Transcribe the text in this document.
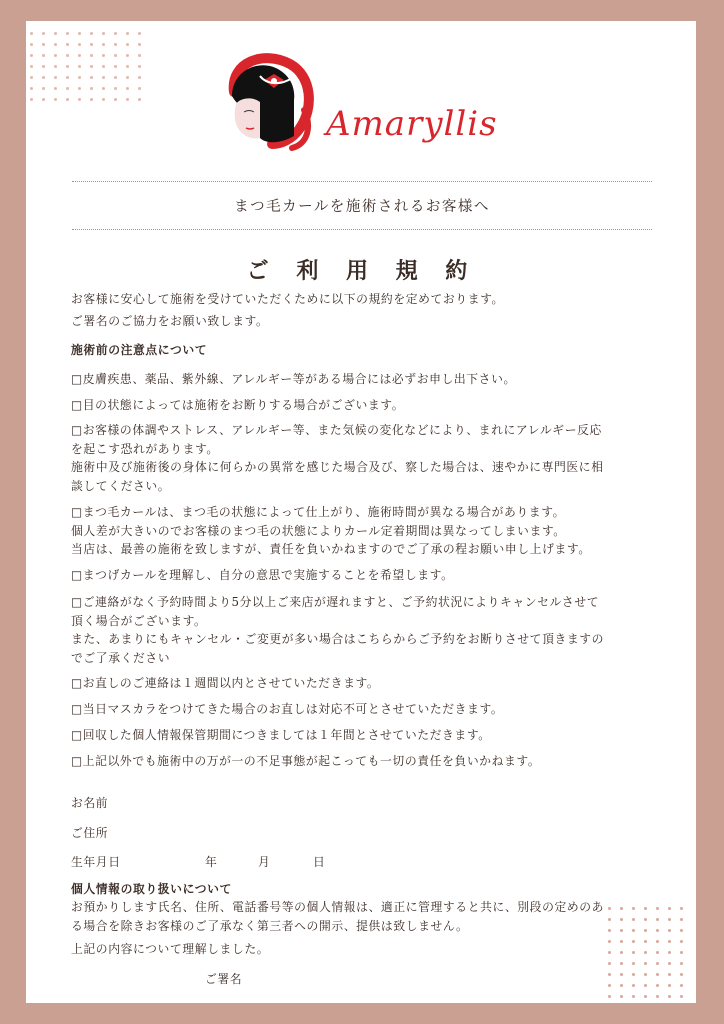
Amaryllis
まつ毛カールを施術されるお客様へ
ご 利 用 規 約
お客様に安心して施術を受けていただくために以下の規約を定めております。
ご署名のご協力をお願い致します。
施術前の注意点について
□皮膚疾患、薬品、紫外線、アレルギー等がある場合には必ずお申し出下さい。
□目の状態によっては施術をお断りする場合がございます。
□お客様の体調やストレス、アレルギー等、また気候の変化などにより、まれにアレルギー反応
を起こす恐れがあります。
施術中及び施術後の身体に何らかの異常を感じた場合及び、察した場合は、速やかに専門医に相
談してください。
□まつ毛カールは、まつ毛の状態によって仕上がり、施術時間が異なる場合があります。
個人差が大きいのでお客様のまつ毛の状態によりカール定着期間は異なってしまいます。
当店は、最善の施術を致しますが、責任を負いかねますのでご了承の程お願い申し上げます。
□まつげカールを理解し、自分の意思で実施することを希望します。
□ご連絡がなく予約時間より5分以上ご来店が遅れますと、ご予約状況によりキャンセルさせて
頂く場合がございます。
また、あまりにもキャンセル・ご変更が多い場合はこちらからご予約をお断りさせて頂きますの
でご了承ください
□お直しのご連絡は１週間以内とさせていただきます。
□当日マスカラをつけてきた場合のお直しは対応不可とさせていただきます。
□回収した個人情報保管期間につきましては１年間とさせていただきます。
□上記以外でも施術中の万が一の不足事態が起こっても一切の責任を負いかねます。
お名前
ご住所
生年月日	年	月	日
個人情報の取り扱いについて
お預かりします氏名、住所、電話番号等の個人情報は、適正に管理すると共に、別段の定めのあ
る場合を除きお客様のご了承なく第三者への開示、提供は致しません。
上記の内容について理解しました。
ご署名
